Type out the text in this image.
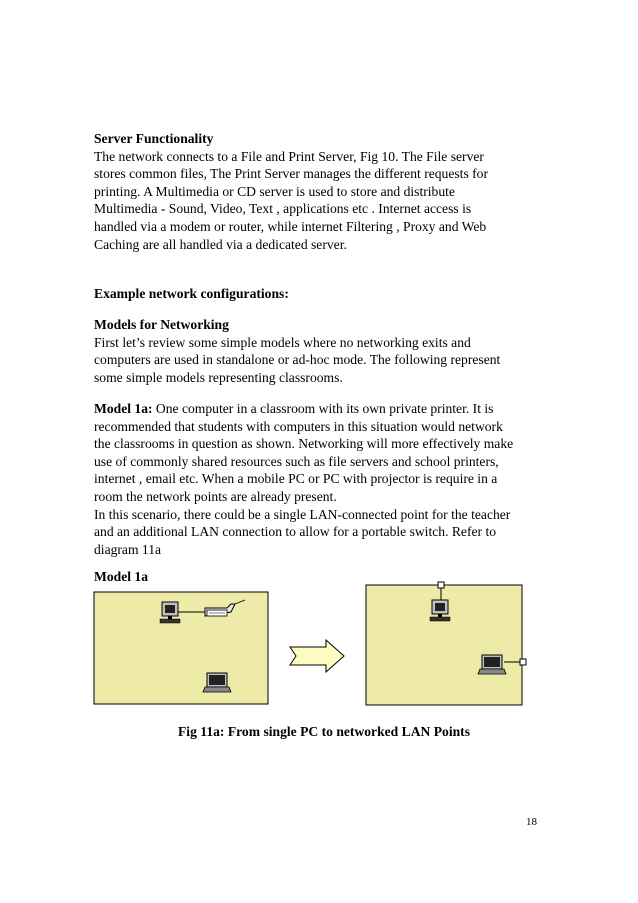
Server Functionality

The network connects to a File and Print Server, Fig 10. The File server

stores common files, The Print Server manages the different requests for

printing. A Multimedia or CD server is used to store and distribute

Multimedia - Sound, Video, Text , applications etc . Internet access is

handled via a modem or router, while internet Filtering , Proxy and Web

Caching are all handled via a dedicated server.

Example network configurations:

Models for Networking

First let’s review some simple models where no networking exits and

computers are used in standalone or ad-hoc mode. The following represent

some simple models representing classrooms.

Model 1a: One computer in a classroom with its own private printer. It is

recommended that students with computers in this situation would network

the classrooms in question as shown. Networking will more effectively make

use of commonly shared resources such as file servers and school printers,

internet , email etc. When a mobile PC or PC with projector is require in a

room the network points are already present.

In this scenario, there could be a single LAN-connected point for the teacher

and an additional LAN connection to allow for a portable switch. Refer to

diagram 11a

Model 1a
Fig 11a: From single PC to networked LAN Points
18
